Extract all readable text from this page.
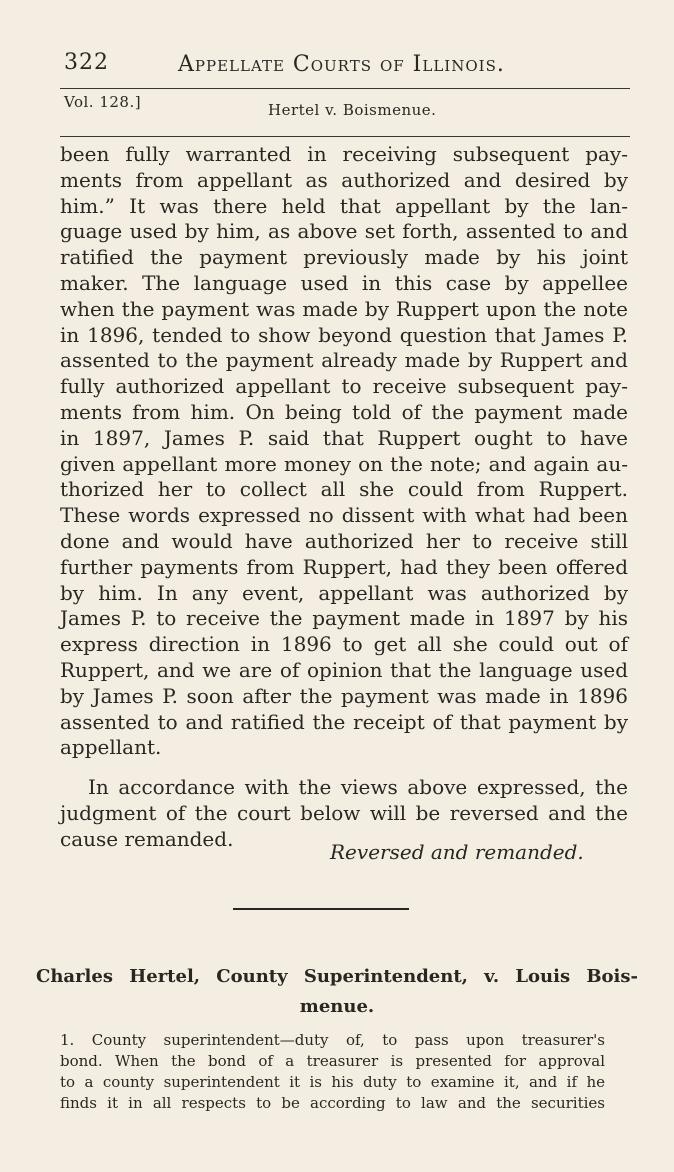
322	Appellate Courts of Illinois.
Vol. 128.]	Hertel v. Boismenue.
been fully warranted in receiving subsequent pay-
ments from appellant as authorized and desired by
him.” It was there held that appellant by the lan-
guage used by him, as above set forth, assented to and
ratified the payment previously made by his joint
maker. The language used in this case by appellee
when the payment was made by Ruppert upon the note
in 1896, tended to show beyond question that James P.
assented to the payment already made by Ruppert and
fully authorized appellant to receive subsequent pay-
ments from him. On being told of the payment made
in 1897, James P. said that Ruppert ought to have
given appellant more money on the note; and again au-
thorized her to collect all she could from Ruppert.
These words expressed no dissent with what had been
done and would have authorized her to receive still
further payments from Ruppert, had they been offered
by him. In any event, appellant was authorized by
James P. to receive the payment made in 1897 by his
express direction in 1896 to get all she could out of
Ruppert, and we are of opinion that the language used
by James P. soon after the payment was made in 1896
assented to and ratified the receipt of that payment by
appellant.
In accordance with the views above expressed, the
judgment of the court below will be reversed and the
cause remanded.
Reversed and remanded.
Charles Hertel, County Superintendent, v. Louis Bois-
menue.
1. County superintendent—duty of, to pass upon treasurer's
bond. When the bond of a treasurer is presented for approval
to a county superintendent it is his duty to examine it, and if he
finds it in all respects to be according to law and the securities
